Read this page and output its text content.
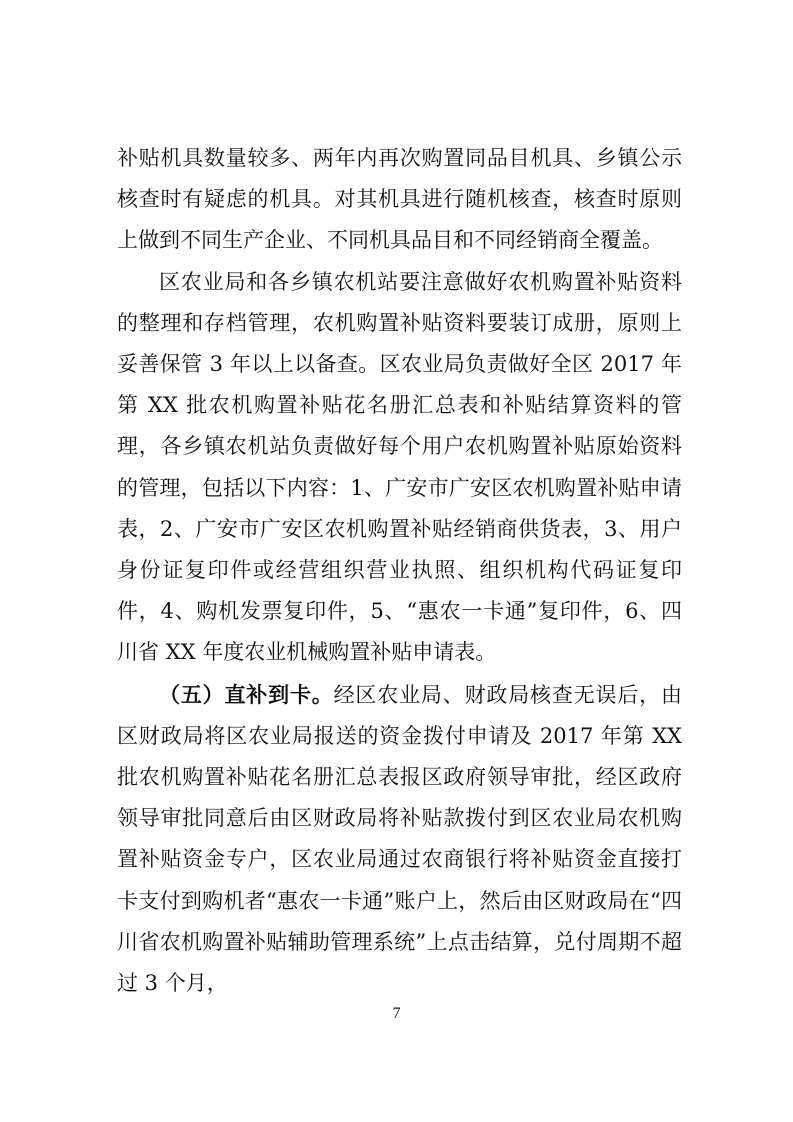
补贴机具数量较多、两年内再次购置同品目机具、乡镇公示核查时有疑虑的机具。对其机具进行随机核查，核查时原则上做到不同生产企业、不同机具品目和不同经销商全覆盖。

区农业局和各乡镇农机站要注意做好农机购置补贴资料的整理和存档管理，农机购置补贴资料要装订成册，原则上妥善保管 3 年以上以备查。区农业局负责做好全区 2017 年第 XX 批农机购置补贴花名册汇总表和补贴结算资料的管理，各乡镇农机站负责做好每个用户农机购置补贴原始资料的管理，包括以下内容：1、广安市广安区农机购置补贴申请表，2、广安市广安区农机购置补贴经销商供货表，3、用户身份证复印件或经营组织营业执照、组织机构代码证复印件，4、购机发票复印件，5、“惠农一卡通”复印件，6、四川省 XX 年度农业机械购置补贴申请表。

（五）直补到卡。经区农业局、财政局核查无误后，由区财政局将区农业局报送的资金拨付申请及 2017 年第 XX 批农机购置补贴花名册汇总表报区政府领导审批，经区政府领导审批同意后由区财政局将补贴款拨付到区农业局农机购置补贴资金专户，区农业局通过农商银行将补贴资金直接打卡支付到购机者“惠农一卡通”账户上，然后由区财政局在“四川省农机购置补贴辅助管理系统”上点击结算，兑付周期不超过 3 个月，

7
